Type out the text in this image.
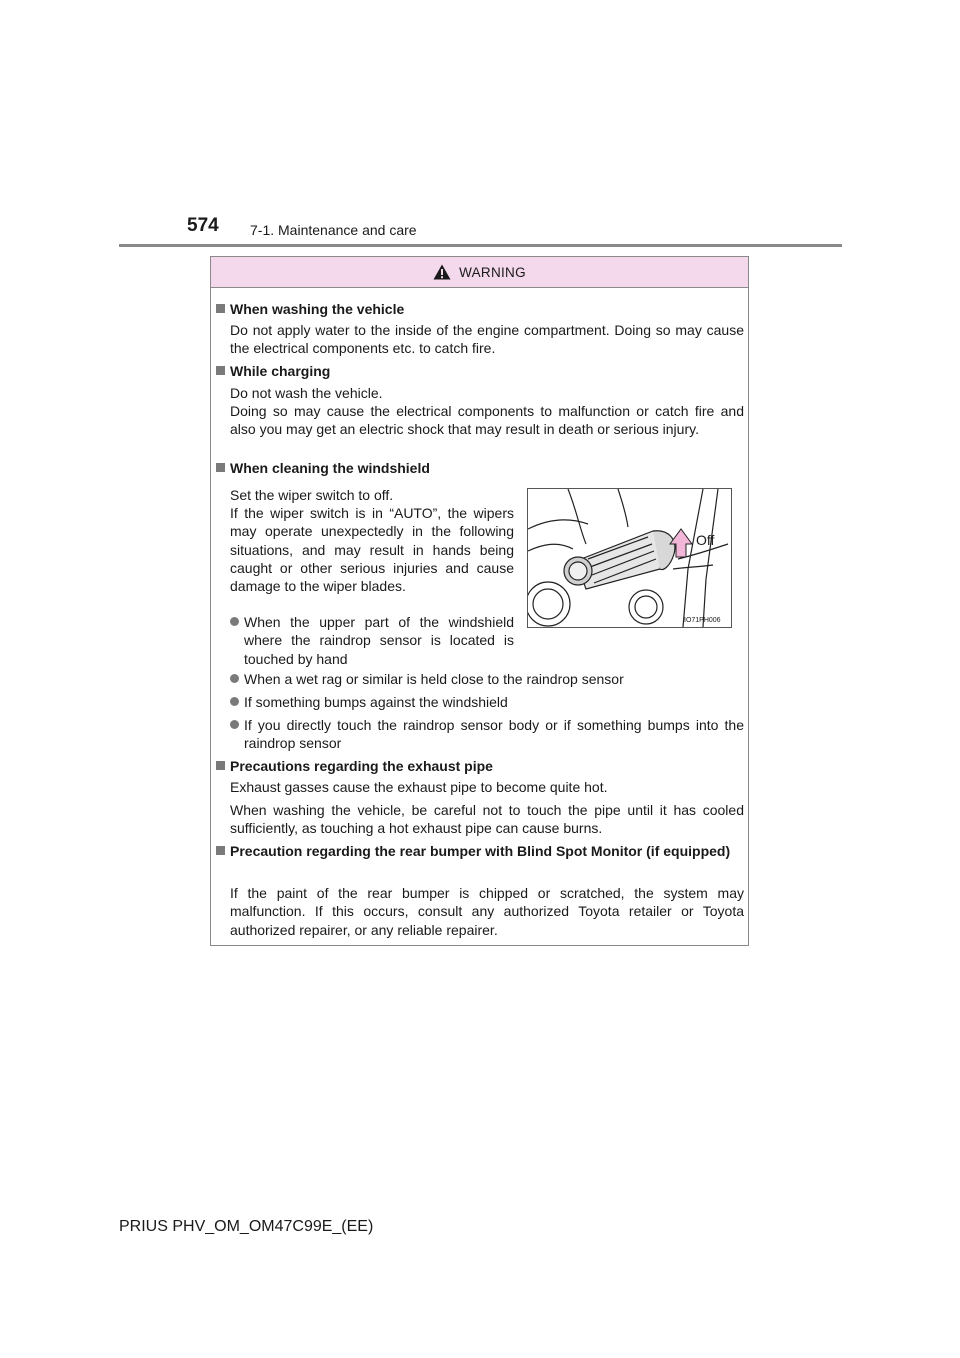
574 7-1. Maintenance and care
WARNING
When washing the vehicle
Do not apply water to the inside of the engine compartment. Doing so may cause the electrical components etc. to catch fire.
While charging
Do not wash the vehicle.
Doing so may cause the electrical components to malfunction or catch fire and also you may get an electric shock that may result in death or serious injury.
When cleaning the windshield
Set the wiper switch to off.
If the wiper switch is in “AUTO”, the wipers may operate unexpectedly in the following situations, and may result in hands being caught or other serious injuries and cause damage to the wiper blades.
When the upper part of the windshield where the raindrop sensor is located is touched by hand
When a wet rag or similar is held close to the raindrop sensor
If something bumps against the windshield
If you directly touch the raindrop sensor body or if something bumps into the raindrop sensor
Off
IO71PH006
Precautions regarding the exhaust pipe
Exhaust gasses cause the exhaust pipe to become quite hot.
When washing the vehicle, be careful not to touch the pipe until it has cooled sufficiently, as touching a hot exhaust pipe can cause burns.
Precaution regarding the rear bumper with Blind Spot Monitor (if equipped)
If the paint of the rear bumper is chipped or scratched, the system may malfunction. If this occurs, consult any authorized Toyota retailer or Toyota authorized repairer, or any reliable repairer.
PRIUS PHV_OM_OM47C99E_(EE)
